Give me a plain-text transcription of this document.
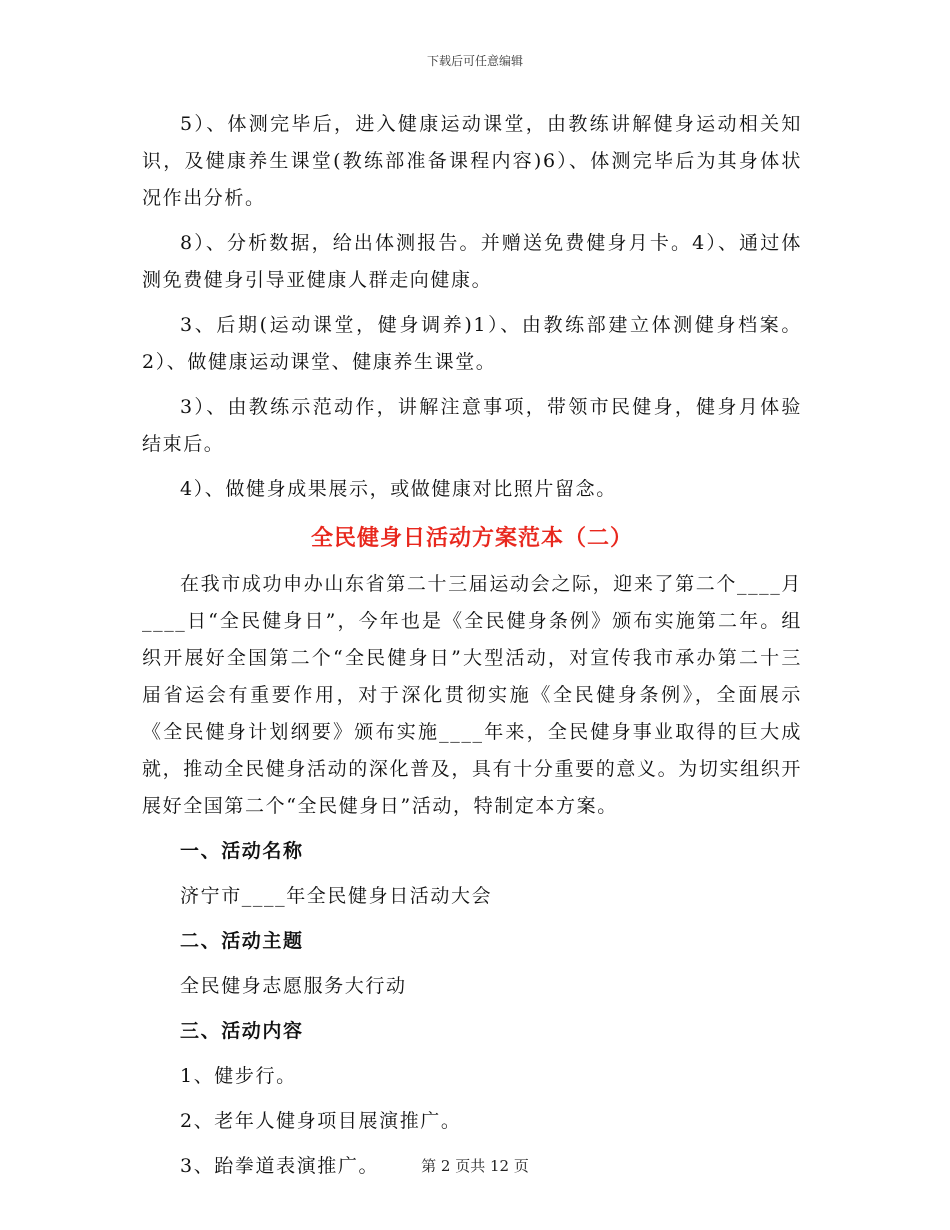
下载后可任意编辑

5）、体测完毕后，进入健康运动课堂，由教练讲解健身运动相关知识，及健康养生课堂(教练部准备课程内容)6）、体测完毕后为其身体状况作出分析。

8）、分析数据，给出体测报告。并赠送免费健身月卡。4）、通过体测免费健身引导亚健康人群走向健康。

3、后期(运动课堂，健身调养)1）、由教练部建立体测健身档案。2）、做健康运动课堂、健康养生课堂。

3）、由教练示范动作，讲解注意事项，带领市民健身，健身月体验结束后。

4）、做健身成果展示，或做健康对比照片留念。

全民健身日活动方案范本（二）

在我市成功申办山东省第二十三届运动会之际，迎来了第二个____月____日“全民健身日”，今年也是《全民健身条例》颁布实施第二年。组织开展好全国第二个“全民健身日”大型活动，对宣传我市承办第二十三届省运会有重要作用，对于深化贯彻实施《全民健身条例》，全面展示《全民健身计划纲要》颁布实施____年来，全民健身事业取得的巨大成就，推动全民健身活动的深化普及，具有十分重要的意义。为切实组织开展好全国第二个“全民健身日”活动，特制定本方案。

一、活动名称

济宁市____年全民健身日活动大会

二、活动主题

全民健身志愿服务大行动

三、活动内容

1、健步行。

2、老年人健身项目展演推广。

3、跆拳道表演推广。	第 2 页共 12 页
